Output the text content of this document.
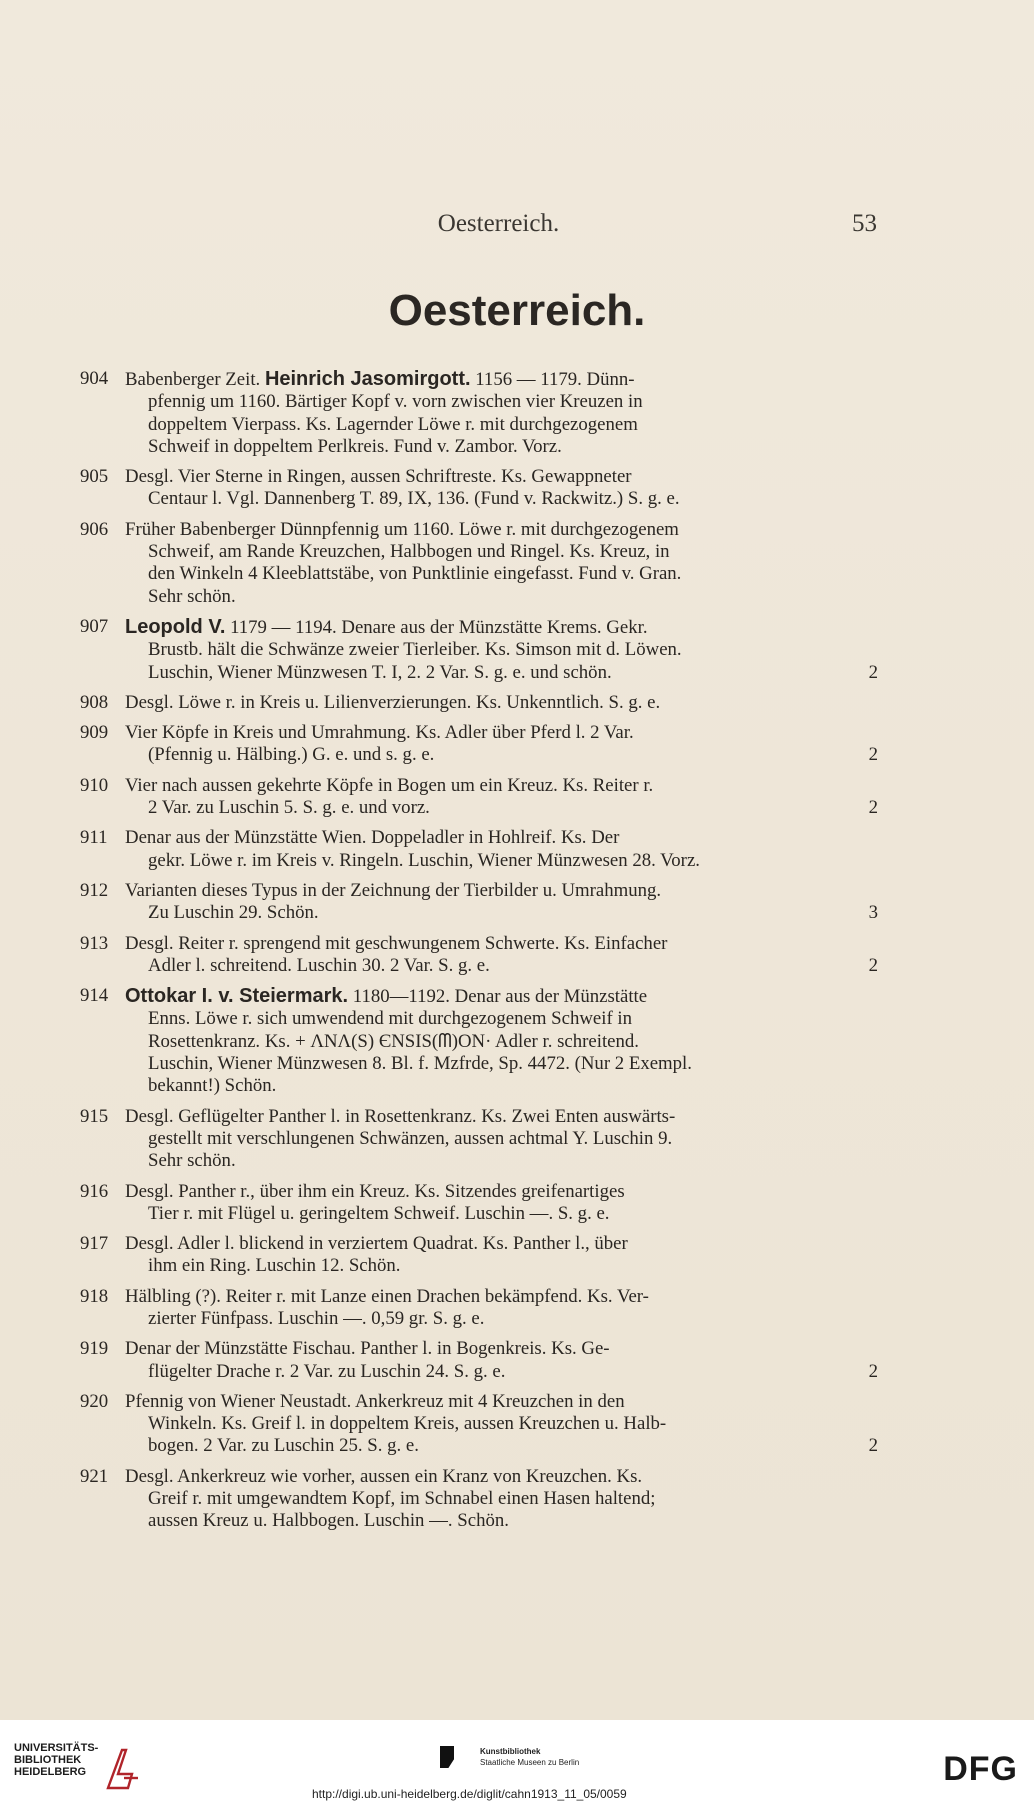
Oesterreich.	53
Oesterreich.
904 Babenberger Zeit. Heinrich Jasomirgott. 1156 — 1179. Dünn-
pfennig um 1160. Bärtiger Kopf v. vorn zwischen vier Kreuzen in
doppeltem Vierpass. Ks. Lagernder Löwe r. mit durchgezogenem
Schweif in doppeltem Perlkreis. Fund v. Zambor. Vorz.
905 Desgl. Vier Sterne in Ringen, aussen Schriftreste. Ks. Gewappneter
Centaur l. Vgl. Dannenberg T. 89, IX, 136. (Fund v. Rackwitz.) S. g. e.
906 Früher Babenberger Dünnpfennig um 1160. Löwe r. mit durchgezogenem
Schweif, am Rande Kreuzchen, Halbbogen und Ringel. Ks. Kreuz, in
den Winkeln 4 Kleeblattstäbe, von Punktlinie eingefasst. Fund v. Gran.
Sehr schön.
907 Leopold V. 1179 — 1194. Denare aus der Münzstätte Krems. Gekr.
Brustb. hält die Schwänze zweier Tierleiber. Ks. Simson mit d. Löwen.
2
Luschin, Wiener Münzwesen T. I, 2. 2 Var. S. g. e. und schön.
908 Desgl. Löwe r. in Kreis u. Lilienverzierungen. Ks. Unkenntlich. S. g. e.
909 Vier Köpfe in Kreis und Umrahmung. Ks. Adler über Pferd l. 2 Var.
2
(Pfennig u. Hälbing.) G. e. und s. g. e.
910 Vier nach aussen gekehrte Köpfe in Bogen um ein Kreuz. Ks. Reiter r.
2
2 Var. zu Luschin 5. S. g. e. und vorz.
911 Denar aus der Münzstätte Wien. Doppeladler in Hohlreif. Ks. Der
gekr. Löwe r. im Kreis v. Ringeln. Luschin, Wiener Münzwesen 28. Vorz.
912 Varianten dieses Typus in der Zeichnung der Tierbilder u. Umrahmung.
3
Zu Luschin 29. Schön.
913 Desgl. Reiter r. sprengend mit geschwungenem Schwerte. Ks. Einfacher
2
Adler l. schreitend. Luschin 30. 2 Var. S. g. e.
914 Ottokar I. v. Steiermark. 1180—1192. Denar aus der Münzstätte
Enns. Löwe r. sich umwendend mit durchgezogenem Schweif in
Rosettenkranz. Ks. + ΛNΛ(S) ЄNSIS(ᗰ)ON· Adler r. schreitend.
Luschin, Wiener Münzwesen 8. Bl. f. Mzfrde, Sp. 4472. (Nur 2 Exempl.
bekannt!) Schön.
915 Desgl. Geflügelter Panther l. in Rosettenkranz. Ks. Zwei Enten auswärts-
gestellt mit verschlungenen Schwänzen, aussen achtmal Y. Luschin 9.
Sehr schön.
916 Desgl. Panther r., über ihm ein Kreuz. Ks. Sitzendes greifenartiges
Tier r. mit Flügel u. geringeltem Schweif. Luschin —. S. g. e.
917 Desgl. Adler l. blickend in verziertem Quadrat. Ks. Panther l., über
ihm ein Ring. Luschin 12. Schön.
918 Hälbling (?). Reiter r. mit Lanze einen Drachen bekämpfend. Ks. Ver-
zierter Fünfpass. Luschin —. 0,59 gr. S. g. e.
919 Denar der Münzstätte Fischau. Panther l. in Bogenkreis. Ks. Ge-
2
flügelter Drache r. 2 Var. zu Luschin 24. S. g. e.
920 Pfennig von Wiener Neustadt. Ankerkreuz mit 4 Kreuzchen in den
Winkeln. Ks. Greif l. in doppeltem Kreis, aussen Kreuzchen u. Halb-
2
bogen. 2 Var. zu Luschin 25. S. g. e.
921 Desgl. Ankerkreuz wie vorher, aussen ein Kranz von Kreuzchen. Ks.
Greif r. mit umgewandtem Kopf, im Schnabel einen Hasen haltend;
aussen Kreuz u. Halbbogen. Luschin —. Schön.
UNIVERSITÄTS-
BIBLIOTHEK
HEIDELBERG
Kunstbibliothek
Staatliche Museen zu Berlin	DFG
http://digi.ub.uni-heidelberg.de/diglit/cahn1913_11_05/0059
